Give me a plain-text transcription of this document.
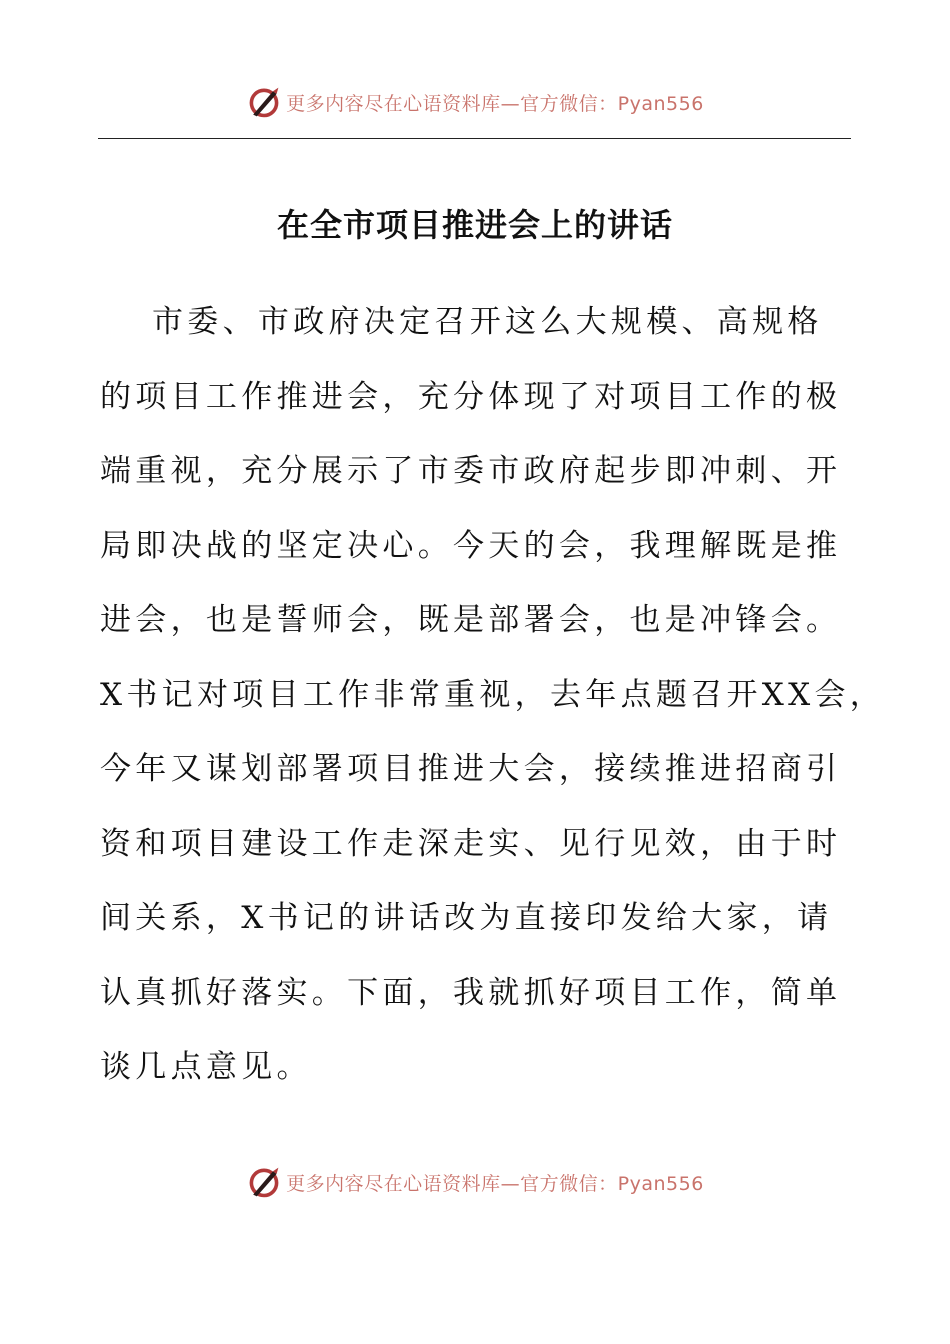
更多内容尽在心语资料库—官方微信：Pyan556
在全市项目推进会上的讲话
市委、市政府决定召开这么大规模、高规格
的项目工作推进会，充分体现了对项目工作的极
端重视，充分展示了市委市政府起步即冲刺、开
局即决战的坚定决心。今天的会，我理解既是推
进会，也是誓师会，既是部署会，也是冲锋会。
X书记对项目工作非常重视，去年点题召开XX会，
今年又谋划部署项目推进大会，接续推进招商引
资和项目建设工作走深走实、见行见效，由于时
间关系，X书记的讲话改为直接印发给大家，请
认真抓好落实。下面，我就抓好项目工作，简单
谈几点意见。
更多内容尽在心语资料库—官方微信：Pyan556
